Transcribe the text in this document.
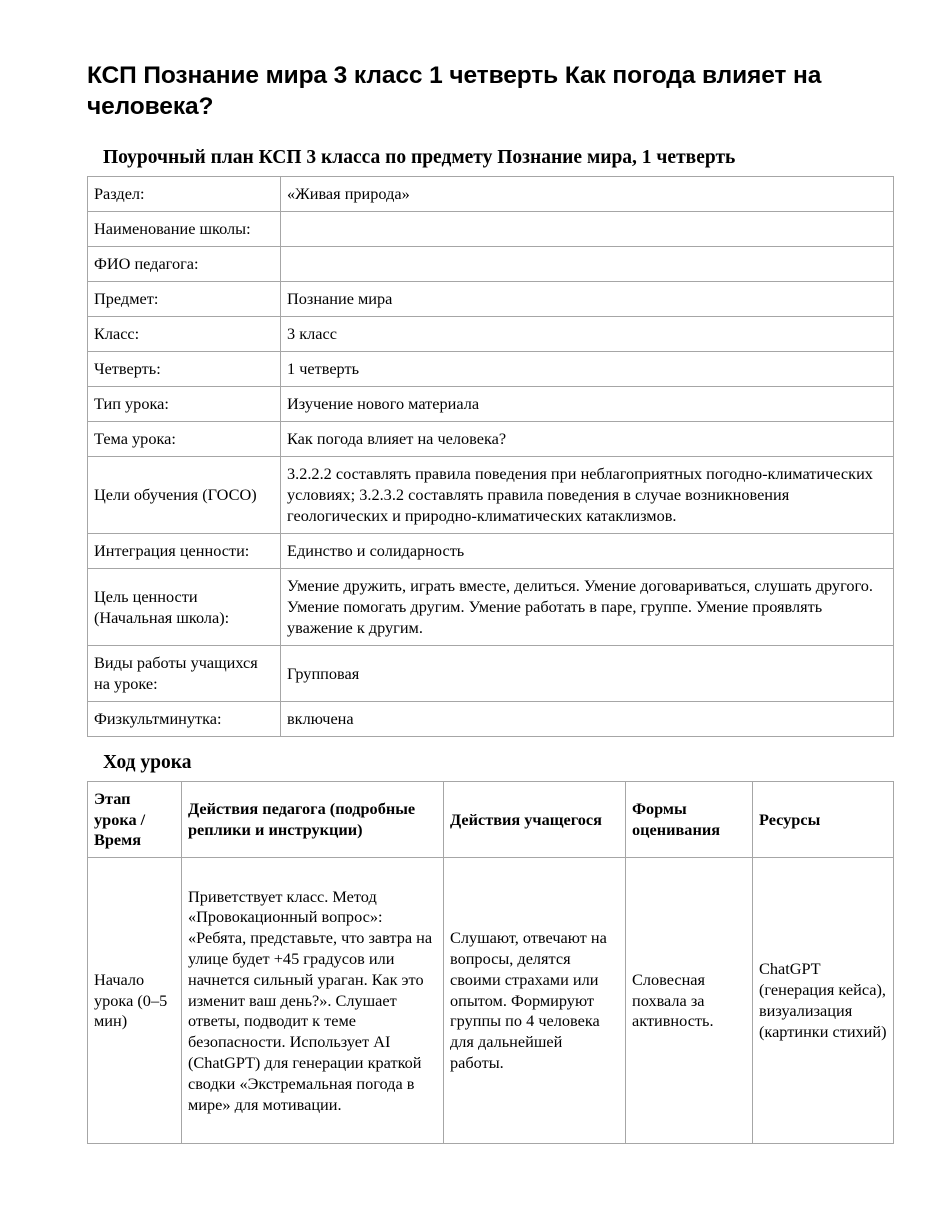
КСП Познание мира 3 класс 1 четверть Как погода влияет на человека?
Поурочный план КСП 3 класса по предмету Познание мира, 1 четверть
Раздел:	«Живая природа»
Наименование школы:	
ФИО педагога:	
Предмет:	Познание мира
Класс:	3 класс
Четверть:	1 четверть
Тип урока:	Изучение нового материала
Тема урока:	Как погода влияет на человека?
Цели обучения (ГОСО)	3.2.2.2 составлять правила поведения при неблагоприятных погодно-климатических условиях; 3.2.3.2 составлять правила поведения в случае возникновения геологических и природно-климатических катаклизмов.
Интеграция ценности:	Единство и солидарность
Цель ценности (Начальная школа):	Умение дружить, играть вместе, делиться. Умение договариваться, слушать другого. Умение помогать другим. Умение работать в паре, группе. Умение проявлять уважение к другим.
Виды работы учащихся на уроке:	Групповая
Физкультминутка:	включена
Ход урока
Этап урока / Время	Действия педагога (подробные реплики и инструкции)	Действия учащегося	Формы оценивания	Ресурсы
Начало урока (0–5 мин)	Приветствует класс. Метод «Провокационный вопрос»: «Ребята, представьте, что завтра на улице будет +45 градусов или начнется сильный ураган. Как это изменит ваш день?». Слушает ответы, подводит к теме безопасности. Использует AI (ChatGPT) для генерации краткой сводки «Экстремальная погода в мире» для мотивации.	Слушают, отвечают на вопросы, делятся своими страхами или опытом. Формируют группы по 4 человека для дальнейшей работы.	Словесная похвала за активность.	ChatGPT (генерация кейса), визуализация (картинки стихий)
